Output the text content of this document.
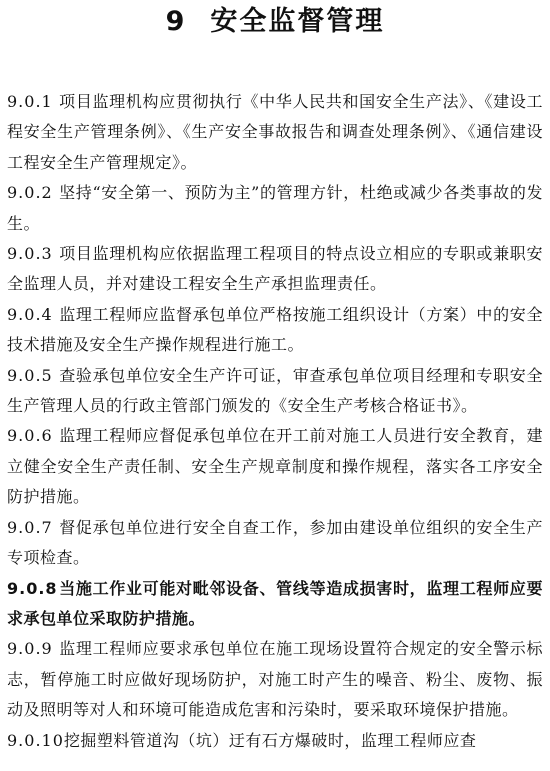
9 安全监督管理

9.0.1 项目监理机构应贯彻执行《中华人民共和国安全生产法》、《建设工程安全生产管理条例》、《生产安全事故报告和调查处理条例》、《通信建设工程安全生产管理规定》。

9.0.2 坚持“安全第一、预防为主”的管理方针，杜绝或减少各类事故的发生。

9.0.3 项目监理机构应依据监理工程项目的特点设立相应的专职或兼职安全监理人员，并对建设工程安全生产承担监理责任。

9.0.4 监理工程师应监督承包单位严格按施工组织设计（方案）中的安全技术措施及安全生产操作规程进行施工。

9.0.5 查验承包单位安全生产许可证，审查承包单位项目经理和专职安全生产管理人员的行政主管部门颁发的《安全生产考核合格证书》。

9.0.6 监理工程师应督促承包单位在开工前对施工人员进行安全教育，建立健全安全生产责任制、安全生产规章制度和操作规程，落实各工序安全防护措施。

9.0.7 督促承包单位进行安全自查工作，参加由建设单位组织的安全生产专项检查。

9.0.8当施工作业可能对毗邻设备、管线等造成损害时，监理工程师应要求承包单位采取防护措施。

9.0.9 监理工程师应要求承包单位在施工现场设置符合规定的安全警示标志，暂停施工时应做好现场防护，对施工时产生的噪音、粉尘、废物、振动及照明等对人和环境可能造成危害和污染时，要采取环境保护措施。

9.0.10挖掘塑料管道沟（坑）迂有石方爆破时，监理工程师应查
